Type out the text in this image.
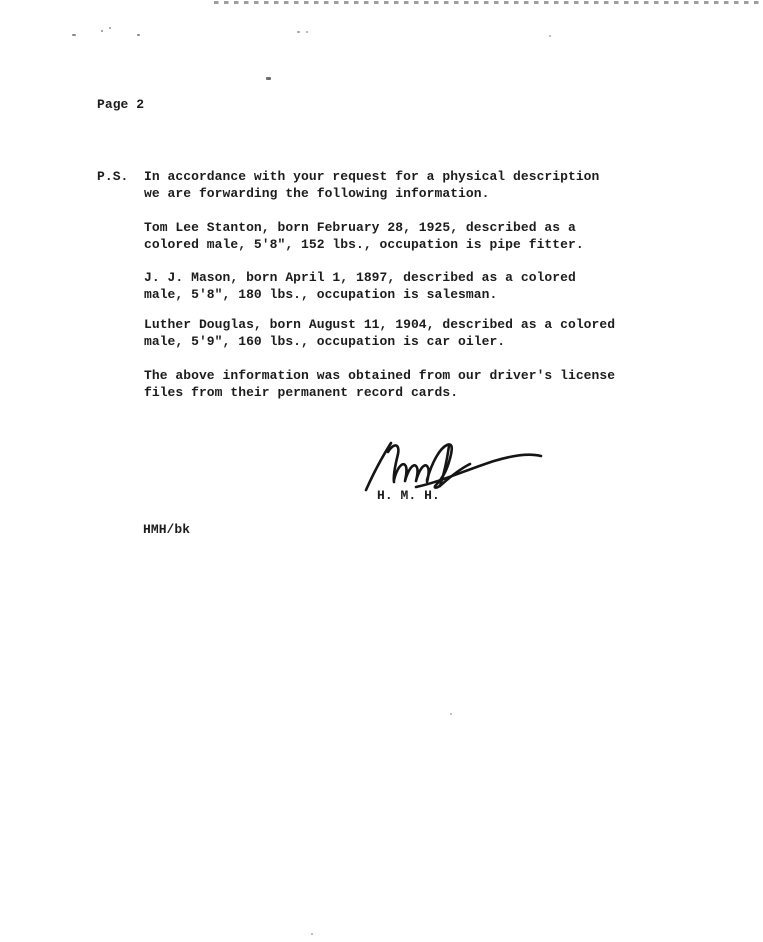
Page 2
P.S. In accordance with your request for a physical description
we are forwarding the following information.
Tom Lee Stanton, born February 28, 1925, described as a
colored male, 5'8", 152 lbs., occupation is pipe fitter.
J. J. Mason, born April 1, 1897, described as a colored
male, 5'8", 180 lbs., occupation is salesman.
Luther Douglas, born August 11, 1904, described as a colored
male, 5'9", 160 lbs., occupation is car oiler.
The above information was obtained from our driver's license
files from their permanent record cards.
H. M. H.
HMH/bk
